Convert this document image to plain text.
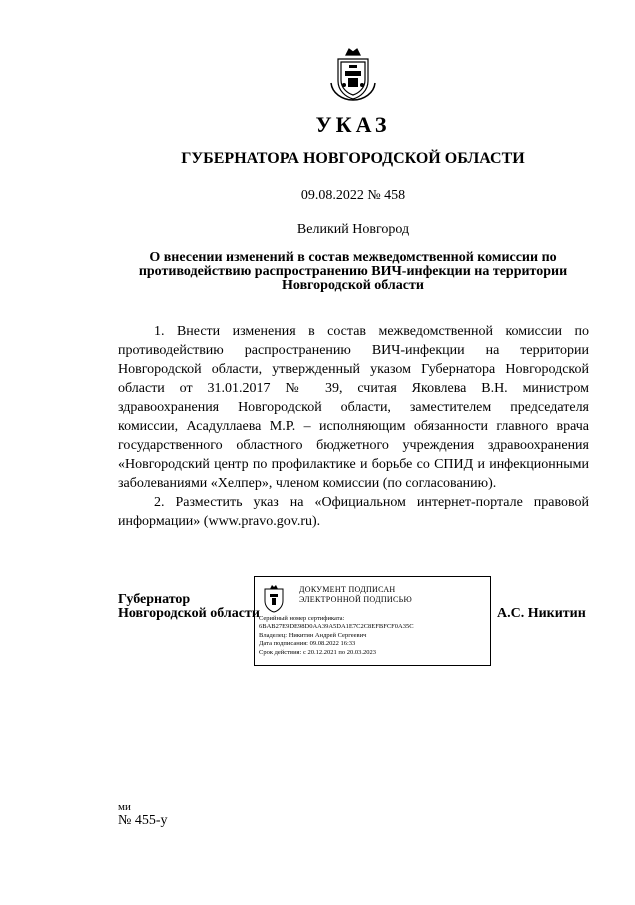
УКАЗ
ГУБЕРНАТОРА НОВГОРОДСКОЙ ОБЛАСТИ
09.08.2022 № 458
Великий Новгород
О внесении изменений в состав межведомственной комиссии по
противодействию распространению ВИЧ-инфекции на территории
Новгородской области

1. Внести изменения в состав межведомственной комиссии по противодействию распространению ВИЧ-инфекции на территории Новгородской области, утвержденный указом Губернатора Новгородской области от 31.01.2017 № 39, считая Яковлева В.Н. министром здравоохранения Новгородской области, заместителем председателя комиссии, Асадуллаева М.Р. – исполняющим обязанности главного врача государственного областного бюджетного учреждения здравоохранения «Новгородский центр по профилактике и борьбе со СПИД и инфекционными заболеваниями «Хелпер», членом комиссии (по согласованию).

2. Разместить указ на «Официальном интернет-портале правовой информации» (www.pravo.gov.ru).

Губернатор
Новгородской области
ДОКУМЕНТ ПОДПИСАН
ЭЛЕКТРОННОЙ ПОДПИСЬЮ
Серийный номер сертификата:
6BAB27E9DE98D0AA39A5DA1E7C2C8EFBFCF0A35C
Владелец: Никитин Андрей Сергеевич
Дата подписания: 09.08.2022 16:33
Срок действия: с 20.12.2021 по 20.03.2023
А.С. Никитин
ми
№ 455-у
